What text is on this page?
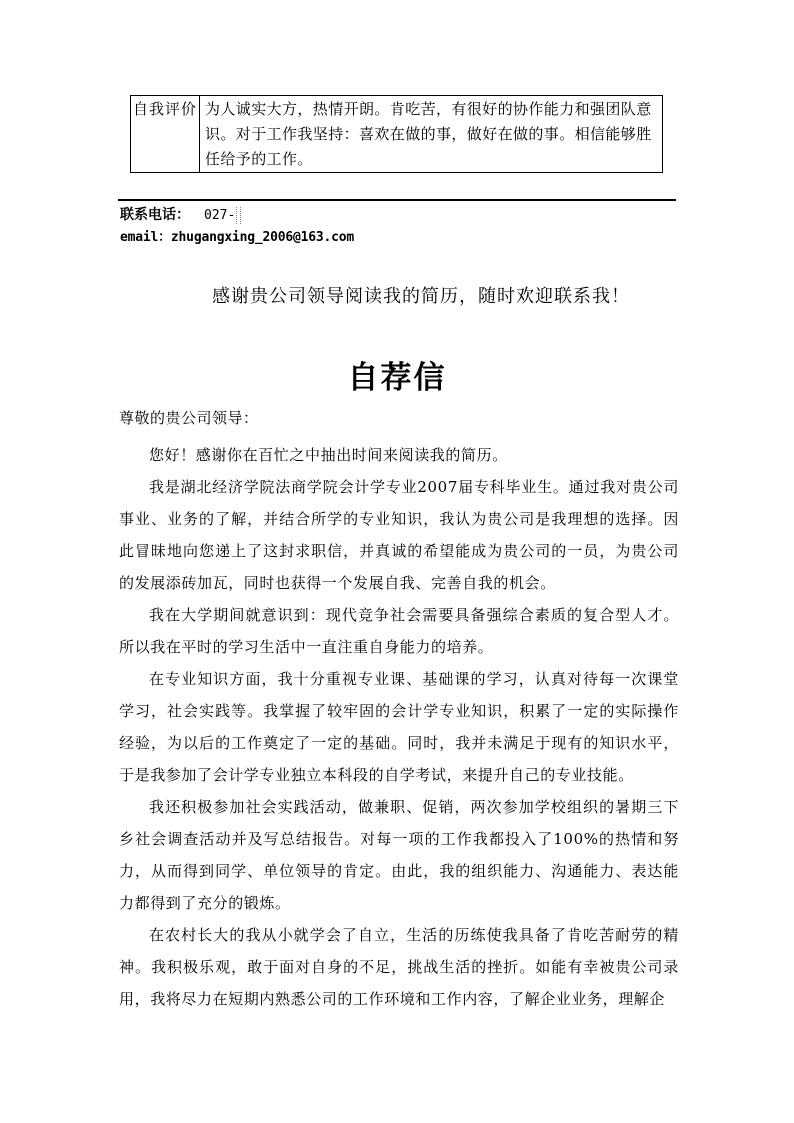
自我评价 为人诚实大方，热情开朗。肯吃苦，有很好的协作能力和强团队意识。对于工作我坚持：喜欢在做的事，做好在做的事。相信能够胜任给予的工作。
联系电话： 027-
email：zhugangxing_2006@163.com
感谢贵公司领导阅读我的简历，随时欢迎联系我！
自荐信
尊敬的贵公司领导：

您好！感谢你在百忙之中抽出时间来阅读我的简历。

我是湖北经济学院法商学院会计学专业2007届专科毕业生。通过我对贵公司事业、业务的了解，并结合所学的专业知识，我认为贵公司是我理想的选择。因此冒昧地向您递上了这封求职信，并真诚的希望能成为贵公司的一员，为贵公司的发展添砖加瓦，同时也获得一个发展自我、完善自我的机会。

我在大学期间就意识到：现代竞争社会需要具备强综合素质的复合型人才。所以我在平时的学习生活中一直注重自身能力的培养。

在专业知识方面，我十分重视专业课、基础课的学习，认真对待每一次课堂学习，社会实践等。我掌握了较牢固的会计学专业知识，积累了一定的实际操作经验，为以后的工作奠定了一定的基础。同时，我并未满足于现有的知识水平，于是我参加了会计学专业独立本科段的自学考试，来提升自己的专业技能。

我还积极参加社会实践活动，做兼职、促销，两次参加学校组织的暑期三下乡社会调查活动并及写总结报告。对每一项的工作我都投入了100%的热情和努力，从而得到同学、单位领导的肯定。由此，我的组织能力、沟通能力、表达能力都得到了充分的锻炼。

在农村长大的我从小就学会了自立，生活的历练使我具备了肯吃苦耐劳的精神。我积极乐观，敢于面对自身的不足，挑战生活的挫折。如能有幸被贵公司录用，我将尽力在短期内熟悉公司的工作环境和工作内容，了解企业业务，理解企
